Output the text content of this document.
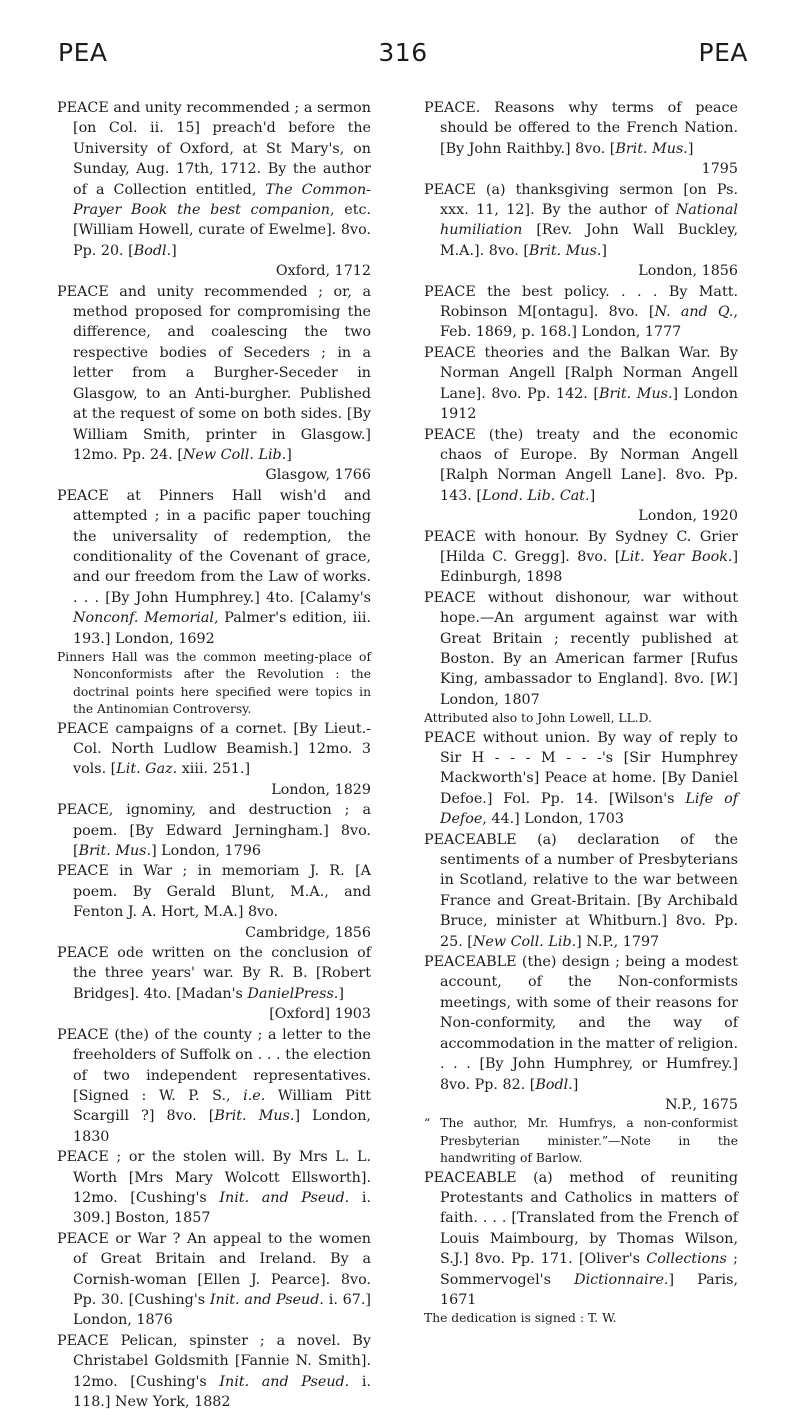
PEA	316	PEA
PEACE and unity recommended ; a sermon [on Col. ii. 15] preach'd before the University of Oxford, at St Mary's, on Sunday, Aug. 17th, 1712. By the author of a Collection entitled, The Common-Prayer Book the best companion, etc. [William Howell, curate of Ewelme]. 8vo. Pp. 20. [Bodl.]
Oxford, 1712
PEACE and unity recommended ; or, a method proposed for compromising the difference, and coalescing the two respective bodies of Seceders ; in a letter from a Burgher-Seceder in Glasgow, to an Anti-burgher. Published at the request of some on both sides. [By William Smith, printer in Glasgow.] 12mo. Pp. 24. [New Coll. Lib.]
Glasgow, 1766
PEACE at Pinners Hall wish'd and attempted ; in a pacific paper touching the universality of redemption, the conditionality of the Covenant of grace, and our freedom from the Law of works. . . . [By John Humphrey.] 4to. [Calamy's Nonconf. Memorial, Palmer's edition, iii. 193.] London, 1692
Pinners Hall was the common meeting-place of Nonconformists after the Revolution : the doctrinal points here specified were topics in the Antinomian Controversy.
PEACE campaigns of a cornet. [By Lieut.-Col. North Ludlow Beamish.] 12mo. 3 vols. [Lit. Gaz. xiii. 251.]
London, 1829
PEACE, ignominy, and destruction ; a poem. [By Edward Jerningham.] 8vo. [Brit. Mus.] London, 1796
PEACE in War ; in memoriam J. R. [A poem. By Gerald Blunt, M.A., and Fenton J. A. Hort, M.A.] 8vo.
Cambridge, 1856
PEACE ode written on the conclusion of the three years' war. By R. B. [Robert Bridges]. 4to. [Madan's DanielPress.]
[Oxford] 1903
PEACE (the) of the county ; a letter to the freeholders of Suffolk on . . . the election of two independent representatives. [Signed : W. P. S., i.e. William Pitt Scargill ?] 8vo. [Brit. Mus.] London, 1830
PEACE ; or the stolen will. By Mrs L. L. Worth [Mrs Mary Wolcott Ellsworth]. 12mo. [Cushing's Init. and Pseud. i. 309.] Boston, 1857
PEACE or War ? An appeal to the women of Great Britain and Ireland. By a Cornish-woman [Ellen J. Pearce]. 8vo. Pp. 30. [Cushing's Init. and Pseud. i. 67.] London, 1876
PEACE Pelican, spinster ; a novel. By Christabel Goldsmith [Fannie N. Smith]. 12mo. [Cushing's Init. and Pseud. i. 118.] New York, 1882
PEACE. Reasons why terms of peace should be offered to the French Nation. [By John Raithby.] 8vo. [Brit. Mus.]
1795
PEACE (a) thanksgiving sermon [on Ps. xxx. 11, 12]. By the author of National humiliation [Rev. John Wall Buckley, M.A.]. 8vo. [Brit. Mus.]
London, 1856
PEACE the best policy. . . . By Matt. Robinson M[ontagu]. 8vo. [N. and Q., Feb. 1869, p. 168.] London, 1777
PEACE theories and the Balkan War. By Norman Angell [Ralph Norman Angell Lane]. 8vo. Pp. 142. [Brit. Mus.] London 1912
PEACE (the) treaty and the economic chaos of Europe. By Norman Angell [Ralph Norman Angell Lane]. 8vo. Pp. 143. [Lond. Lib. Cat.]
London, 1920
PEACE with honour. By Sydney C. Grier [Hilda C. Gregg]. 8vo. [Lit. Year Book.] Edinburgh, 1898
PEACE without dishonour, war without hope.—An argument against war with Great Britain ; recently published at Boston. By an American farmer [Rufus King, ambassador to England]. 8vo. [W.] London, 1807
Attributed also to John Lowell, LL.D.
PEACE without union. By way of reply to Sir H - - - M - - -'s [Sir Humphrey Mackworth's] Peace at home. [By Daniel Defoe.] Fol. Pp. 14. [Wilson's Life of Defoe, 44.] London, 1703
PEACEABLE (a) declaration of the sentiments of a number of Presbyterians in Scotland, relative to the war between France and Great-Britain. [By Archibald Bruce, minister at Whitburn.] 8vo. Pp. 25. [New Coll. Lib.] N.P., 1797
PEACEABLE (the) design ; being a modest account, of the Non-conformists meetings, with some of their reasons for Non-conformity, and the way of accommodation in the matter of religion. . . . [By John Humphrey, or Humfrey.] 8vo. Pp. 82. [Bodl.]
N.P., 1675
“ The author, Mr. Humfrys, a non-conformist Presbyterian minister.”—Note in the handwriting of Barlow.
PEACEABLE (a) method of reuniting Protestants and Catholics in matters of faith. . . . [Translated from the French of Louis Maimbourg, by Thomas Wilson, S.J.] 8vo. Pp. 171. [Oliver's Collections ; Sommervogel's Dictionnaire.] Paris, 1671
The dedication is signed : T. W.
